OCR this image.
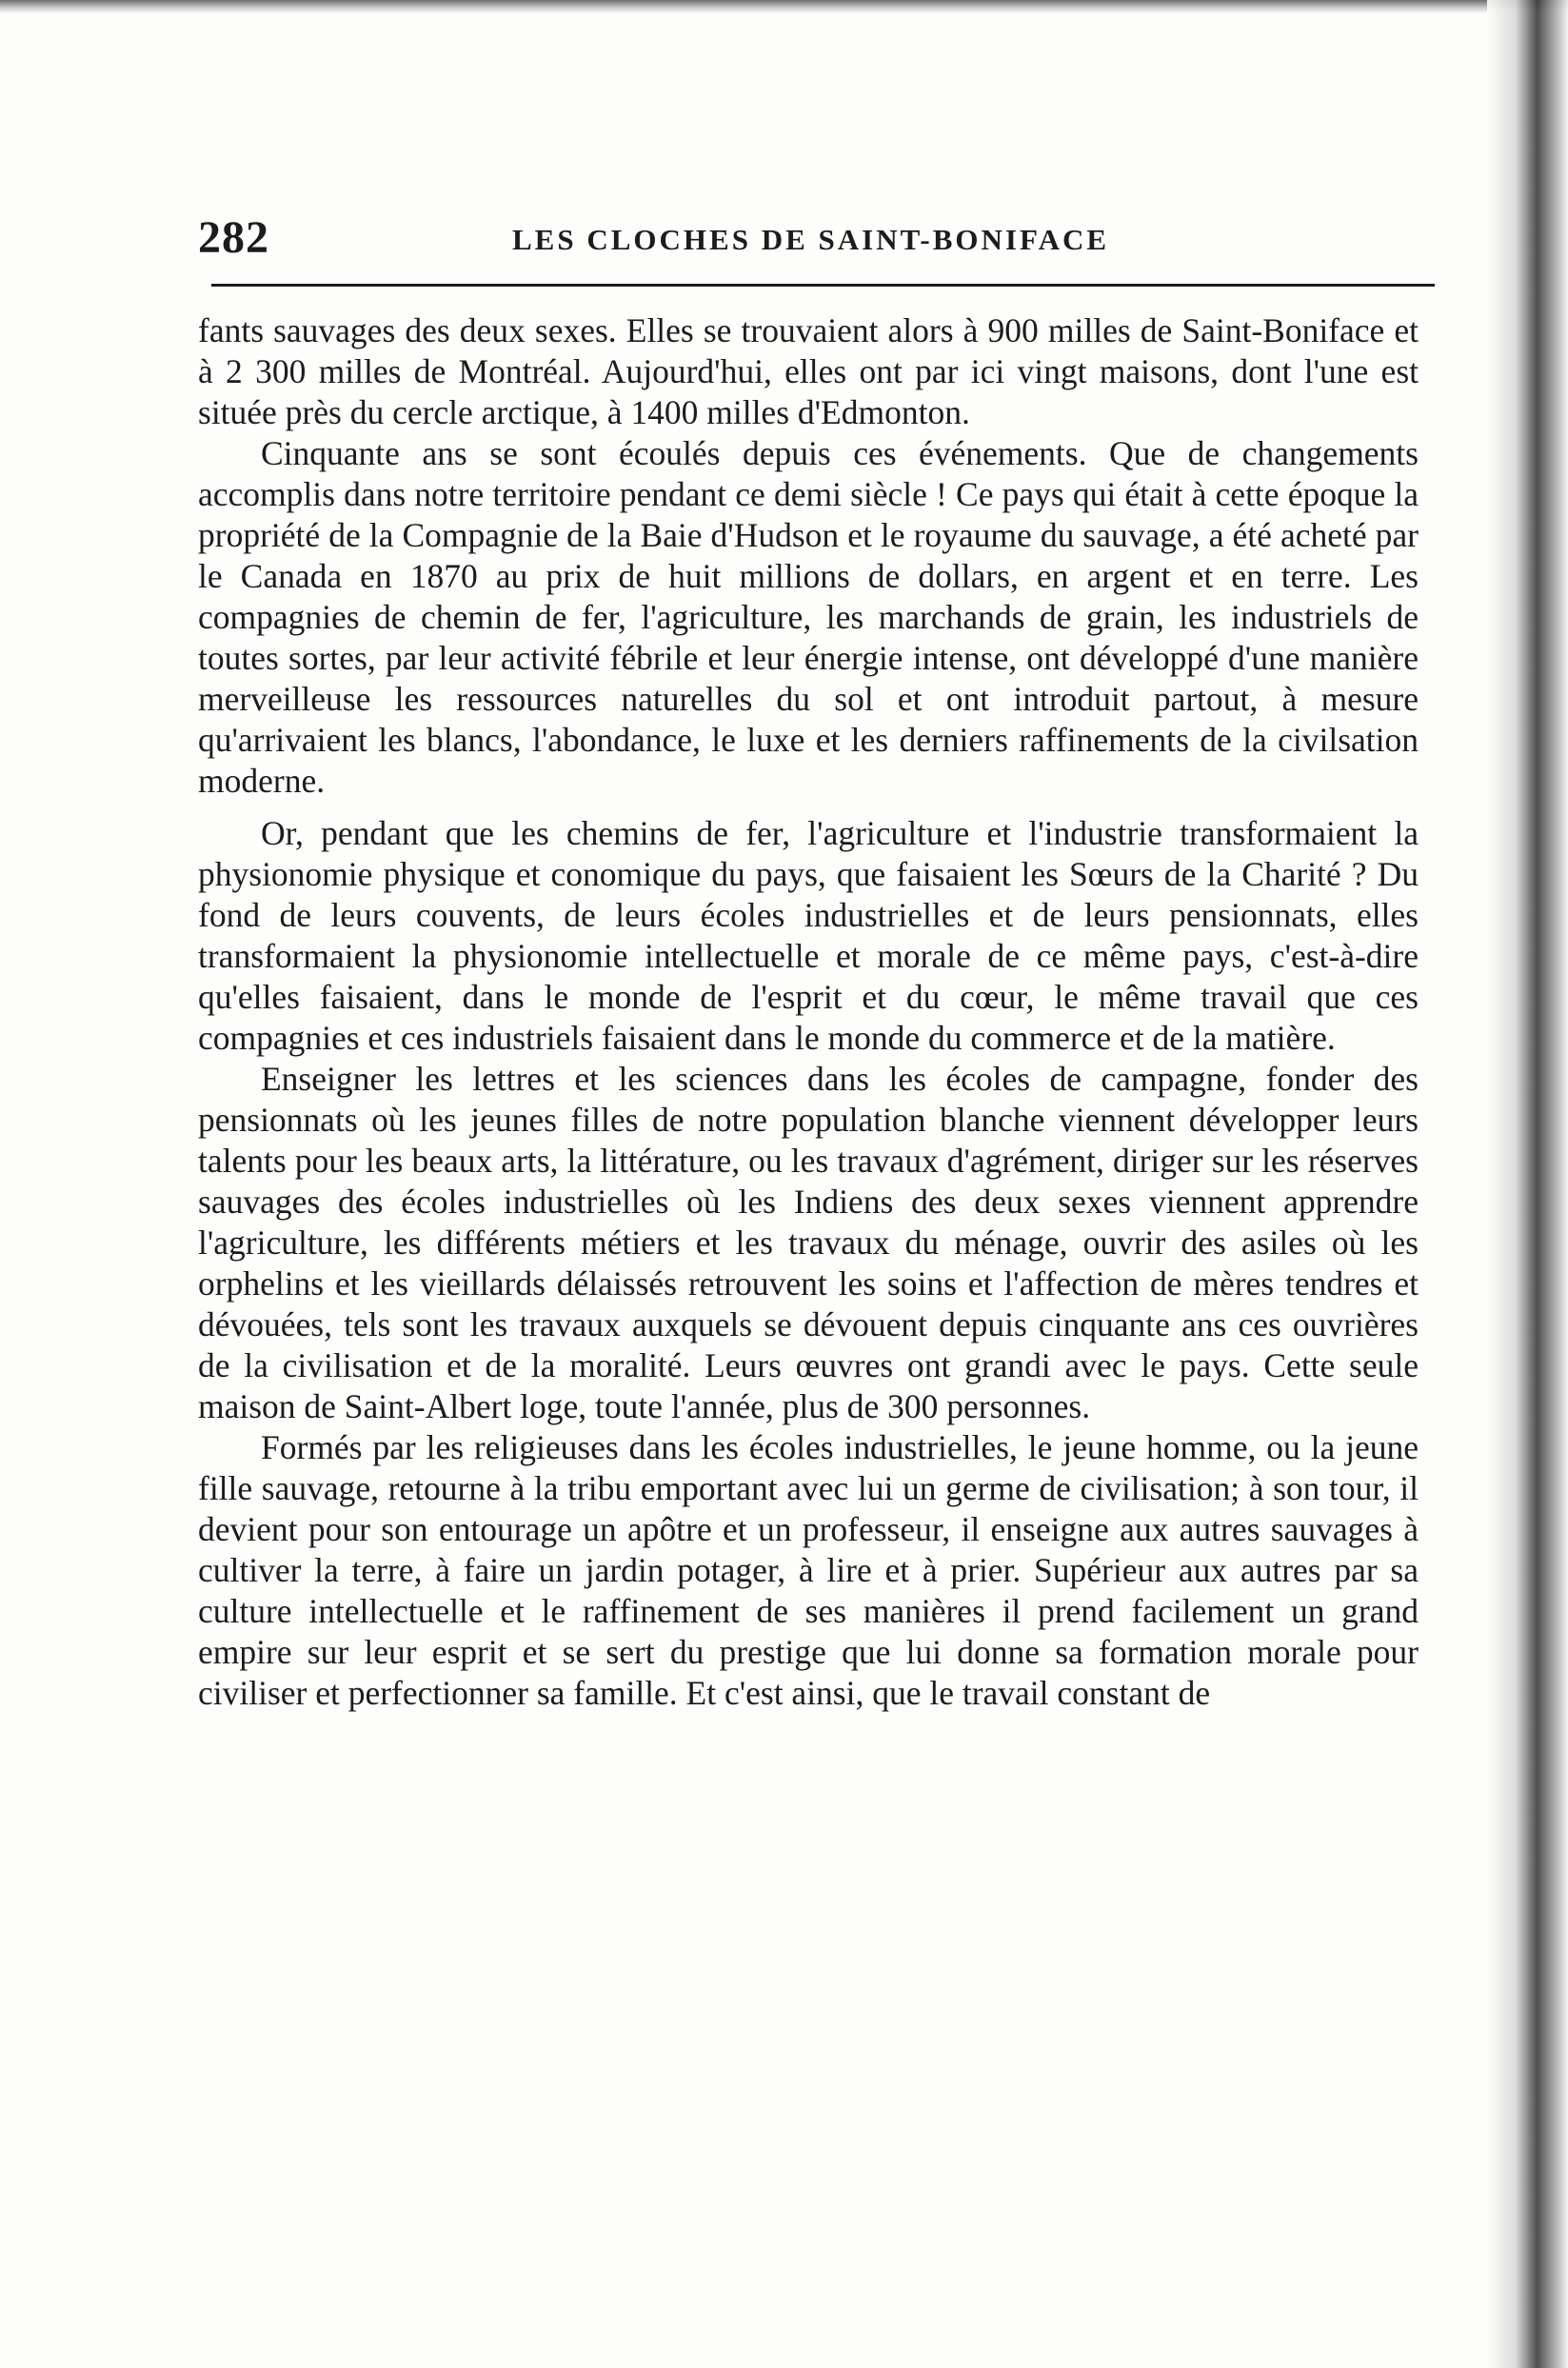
282	LES CLOCHES DE SAINT-BONIFACE

fants sauvages des deux sexes. Elles se trouvaient alors à 900 milles de Saint-Boniface et à 2 300 milles de Montréal. Aujourd'hui, elles ont par ici vingt maisons, dont l'une est située près du cercle arctique, à 1400 milles d'Edmonton.

Cinquante ans se sont écoulés depuis ces événements. Que de changements accomplis dans notre territoire pendant ce demi siècle ! Ce pays qui était à cette époque la propriété de la Compagnie de la Baie d'Hudson et le royaume du sauvage, a été acheté par le Canada en 1870 au prix de huit millions de dollars, en argent et en terre. Les compagnies de chemin de fer, l'agriculture, les marchands de grain, les industriels de toutes sortes, par leur activité fébrile et leur énergie intense, ont développé d'une manière merveilleuse les ressources naturelles du sol et ont introduit partout, à mesure qu'arrivaient les blancs, l'abondance, le luxe et les derniers raffinements de la civilsation moderne.

Or, pendant que les chemins de fer, l'agriculture et l'industrie transformaient la physionomie physique et conomique du pays, que faisaient les Sœurs de la Charité ? Du fond de leurs couvents, de leurs écoles industrielles et de leurs pensionnats, elles transformaient la physionomie intellectuelle et morale de ce même pays, c'est-à-dire qu'elles faisaient, dans le monde de l'esprit et du cœur, le même travail que ces compagnies et ces industriels faisaient dans le monde du commerce et de la matière.

Enseigner les lettres et les sciences dans les écoles de campagne, fonder des pensionnats où les jeunes filles de notre population blanche viennent développer leurs talents pour les beaux arts, la littérature, ou les travaux d'agrément, diriger sur les réserves sauvages des écoles industrielles où les Indiens des deux sexes viennent apprendre l'agriculture, les différents métiers et les travaux du ménage, ouvrir des asiles où les orphelins et les vieillards délaissés retrouvent les soins et l'affection de mères tendres et dévouées, tels sont les travaux auxquels se dévouent depuis cinquante ans ces ouvrières de la civilisation et de la moralité. Leurs œuvres ont grandi avec le pays. Cette seule maison de Saint-Albert loge, toute l'année, plus de 300 personnes.

Formés par les religieuses dans les écoles industrielles, le jeune homme, ou la jeune fille sauvage, retourne à la tribu emportant avec lui un germe de civilisation; à son tour, il devient pour son entourage un apôtre et un professeur, il enseigne aux autres sauvages à cultiver la terre, à faire un jardin potager, à lire et à prier. Supérieur aux autres par sa culture intellectuelle et le raffinement de ses manières il prend facilement un grand empire sur leur esprit et se sert du prestige que lui donne sa formation morale pour civiliser et perfectionner sa famille. Et c'est ainsi, que le travail constant de
